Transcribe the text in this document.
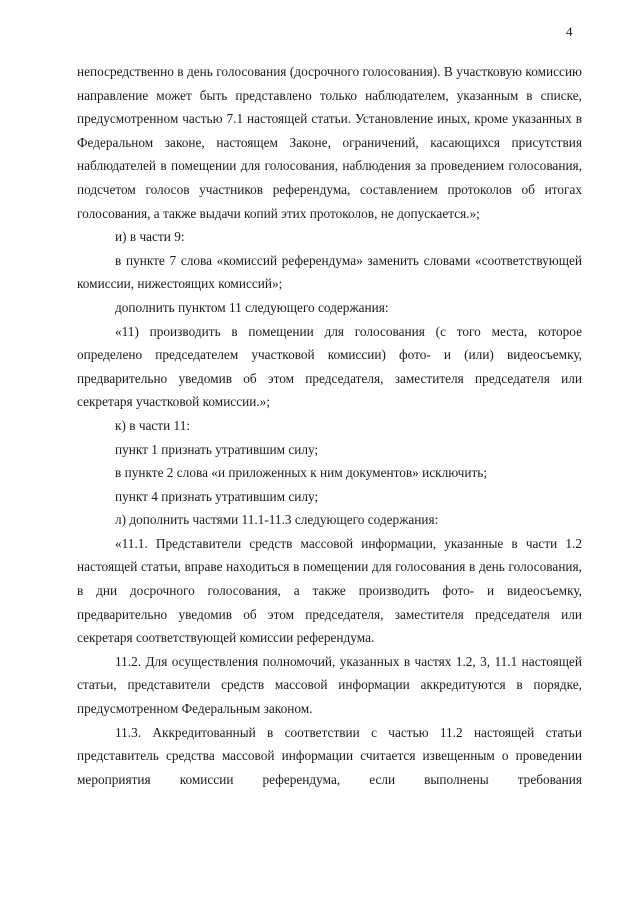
4

непосредственно в день голосования (досрочного голосования). В участковую комиссию направление может быть представлено только наблюдателем, указанным в списке, предусмотренном частью 7.1 настоящей статьи. Установление иных, кроме указанных в Федеральном законе, настоящем Законе, ограничений, касающихся присутствия наблюдателей в помещении для голосования, наблюдения за проведением голосования, подсчетом голосов участников референдума, составлением протоколов об итогах голосования, а также выдачи копий этих протоколов, не допускается.»;

и) в части 9:

в пункте 7 слова «комиссий референдума» заменить словами «соответствующей комиссии, нижестоящих комиссий»;

дополнить пунктом 11 следующего содержания:

«11) производить в помещении для голосования (с того места, которое определено председателем участковой комиссии) фото- и (или) видеосъемку, предварительно уведомив об этом председателя, заместителя председателя или секретаря участковой комиссии.»;

к) в части 11:

пункт 1 признать утратившим силу;

в пункте 2 слова «и приложенных к ним документов» исключить;

пункт 4 признать утратившим силу;

л) дополнить частями 11.1-11.3 следующего содержания:

«11.1. Представители средств массовой информации, указанные в части 1.2 настоящей статьи, вправе находиться в помещении для голосования в день голосования, в дни досрочного голосования, а также производить фото- и видеосъемку, предварительно уведомив об этом председателя, заместителя председателя или секретаря соответствующей комиссии референдума.

11.2. Для осуществления полномочий, указанных в частях 1.2, 3, 11.1 настоящей статьи, представители средств массовой информации аккредитуются в порядке, предусмотренном Федеральным законом.

11.3. Аккредитованный в соответствии с частью 11.2 настоящей статьи представитель средства массовой информации считается извещенным о проведении мероприятия комиссии референдума, если выполнены требования
